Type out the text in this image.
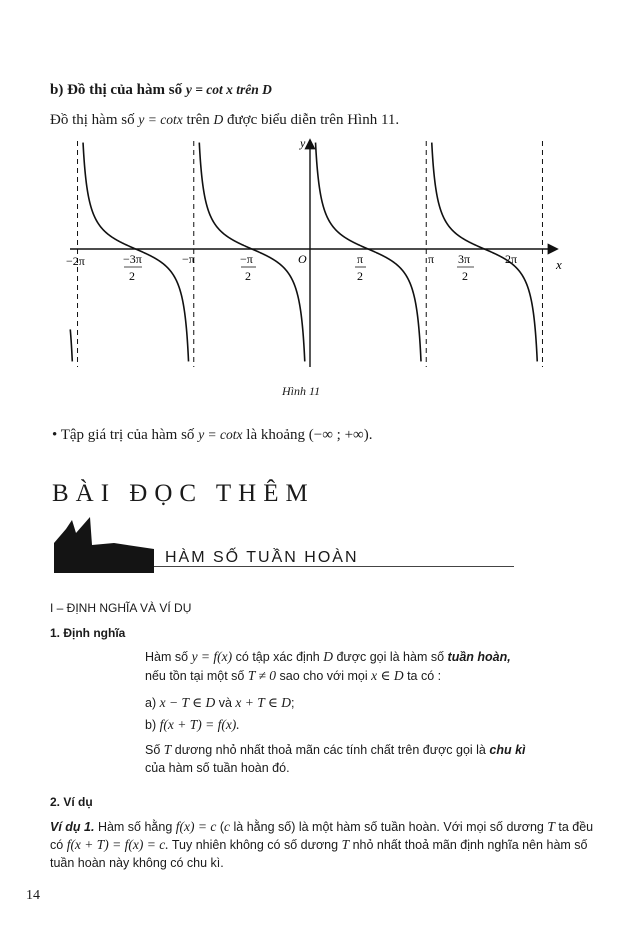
b) Đồ thị của hàm số y = cot x trên D
Đồ thị hàm số y = cotx trên D được biểu diễn trên Hình 11.
y
x
O
−2π	−3π
2
−π	−π
2
π
2
π 3π
2
2π
Hình 11
• Tập giá trị của hàm số y = cotx là khoảng (−∞ ; +∞).
BÀI ĐỌC THÊM
HÀM SỐ TUẦN HOÀN
I – ĐỊNH NGHĨA VÀ VÍ DỤ
1. Định nghĩa
Hàm số y = f(x) có tập xác định D được gọi là hàm số tuần hoàn,
nếu tồn tại một số T ≠ 0 sao cho với mọi x ∈ D ta có :
a) x − T ∈ D và x + T ∈ D;
b) f(x + T) = f(x).
Số T dương nhỏ nhất thoả mãn các tính chất trên được gọi là chu kì
của hàm số tuần hoàn đó.
2. Ví dụ
Ví dụ 1. Hàm số hằng f(x) = c (c là hằng số) là một hàm số tuần hoàn. Với mọi số dương T ta đều có f(x + T) = f(x) = c. Tuy nhiên không có số dương T nhỏ nhất thoả mãn định nghĩa nên hàm số tuần hoàn này không có chu kì.
14
